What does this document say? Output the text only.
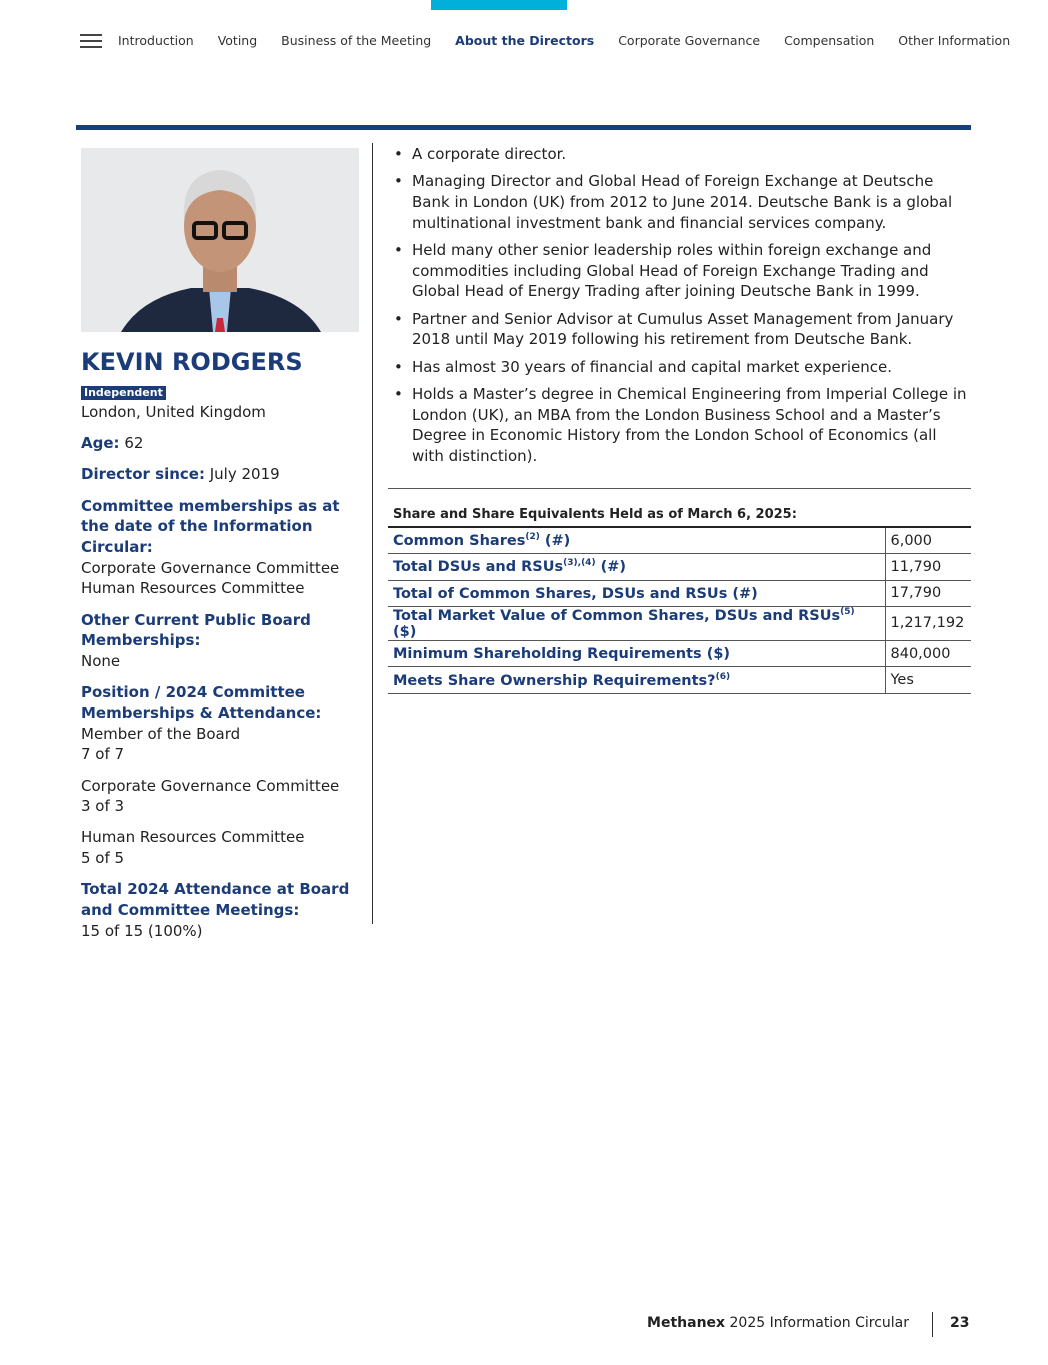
Introduction Voting Business of the Meeting About the Directors Corporate Governance Compensation Other Information
KEVIN RODGERS
Independent
London, United Kingdom
Age: 62
Director since: July 2019
Committee memberships as at the date of the Information Circular:
Corporate Governance Committee
Human Resources Committee
Other Current Public Board Memberships:
None
Position / 2024 Committee Memberships & Attendance:
Member of the Board
7 of 7
Corporate Governance Committee
3 of 3
Human Resources Committee
5 of 5
Total 2024 Attendance at Board and Committee Meetings:
15 of 15 (100%)
• A corporate director.
• Managing Director and Global Head of Foreign Exchange at Deutsche Bank in London (UK) from 2012 to June 2014. Deutsche Bank is a global multinational investment bank and financial services company.
• Held many other senior leadership roles within foreign exchange and commodities including Global Head of Foreign Exchange Trading and Global Head of Energy Trading after joining Deutsche Bank in 1999.
• Partner and Senior Advisor at Cumulus Asset Management from January 2018 until May 2019 following his retirement from Deutsche Bank.
• Has almost 30 years of financial and capital market experience.
• Holds a Master’s degree in Chemical Engineering from Imperial College in London (UK), an MBA from the London Business School and a Master’s Degree in Economic History from the London School of Economics (all with distinction).
Share and Share Equivalents Held as of March 6, 2025:
Common Shares$^{(2)}$ (#)	6,000
Total DSUs and RSUs$^{(3),(4)}$ (#)	11,790
Total of Common Shares, DSUs and RSUs (#)	17,790
Total Market Value of Common Shares, DSUs and RSUs$^{(5)}$ ($)	1,217,192
Minimum Shareholding Requirements ($)	840,000
Meets Share Ownership Requirements?$^{(6)}$	Yes
Methanex 2025 Information Circular	23
